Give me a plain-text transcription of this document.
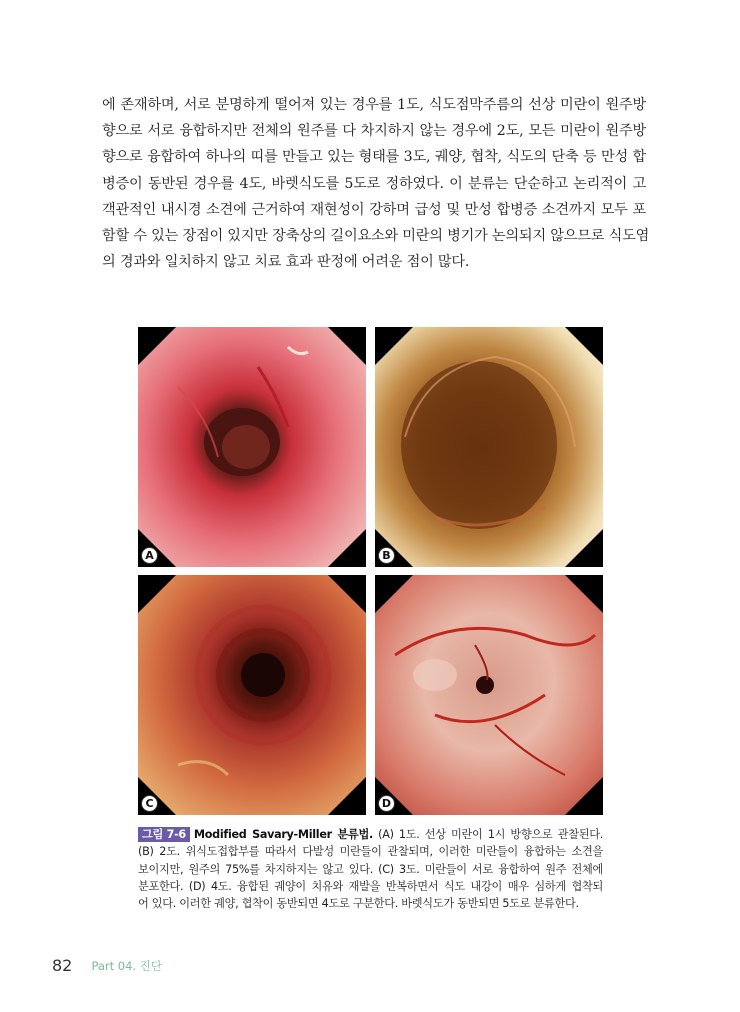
에 존재하며, 서로 분명하게 떨어져 있는 경우를 1도, 식도점막주름의 선상 미란이 원주방
향으로 서로 융합하지만 전체의 원주를 다 차지하지 않는 경우에 2도, 모든 미란이 원주방
향으로 융합하여 하나의 띠를 만들고 있는 형태를 3도, 궤양, 협착, 식도의 단축 등 만성 합
병증이 동반된 경우를 4도, 바렛식도를 5도로 정하였다. 이 분류는 단순하고 논리적이 고
객관적인 내시경 소견에 근거하여 재현성이 강하며 급성 및 만성 합병증 소견까지 모두 포
함할 수 있는 장점이 있지만 장축상의 길이요소와 미란의 병기가 논의되지 않으므로 식도염
의 경과와 일치하지 않고 치료 효과 판정에 어려운 점이 많다.
A	B
C	D
그림 7-6 Modified Savary-Miller 분류법. (A) 1도. 선상 미란이 1시 방향으로 관찰된다.
(B) 2도. 위식도접합부를 따라서 다발성 미란들이 관찰되며, 이러한 미란들이 융합하는 소견을
보이지만, 원주의 75%를 차지하지는 않고 있다. (C) 3도. 미란들이 서로 융합하여 원주 전체에
분포한다. (D) 4도. 융합된 궤양이 치유와 재발을 반복하면서 식도 내강이 매우 심하게 협착되
어 있다. 이러한 궤양, 협착이 동반되면 4도로 구분한다. 바렛식도가 동반되면 5도로 분류한다.
82 Part 04. 진단
